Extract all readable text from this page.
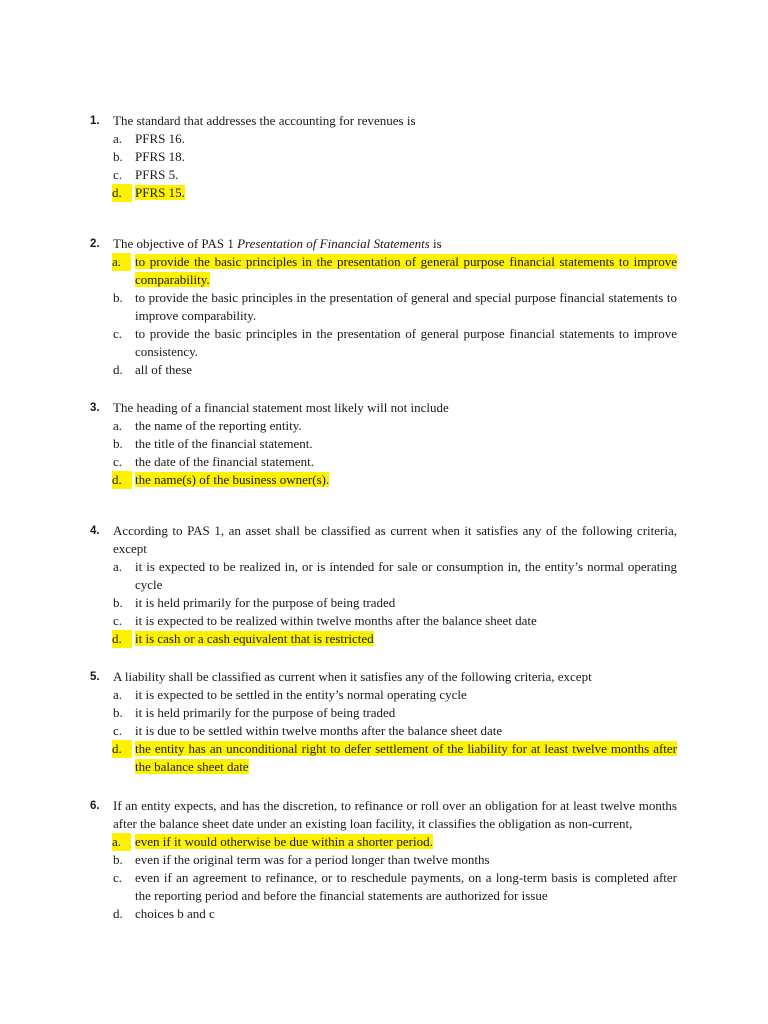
1. The standard that addresses the accounting for revenues is
a. PFRS 16.
b. PFRS 18.
c. PFRS 5.
d.	PFRS 15.
2. The objective of PAS 1 Presentation of Financial Statements is
a.	to provide the basic principles in the presentation of general purpose financial statements to improve comparability.
b. to provide the basic principles in the presentation of general and special purpose financial statements to improve comparability.
c. to provide the basic principles in the presentation of general purpose financial statements to improve consistency.
d. all of these
3. The heading of a financial statement most likely will not include
a. the name of the reporting entity.
b. the title of the financial statement.
c. the date of the financial statement.
d.	the name(s) of the business owner(s).
4. According to PAS 1, an asset shall be classified as current when it satisfies any of the following criteria, except
a. it is expected to be realized in, or is intended for sale or consumption in, the entity’s normal operating cycle
b. it is held primarily for the purpose of being traded
c. it is expected to be realized within twelve months after the balance sheet date
d.	it is cash or a cash equivalent that is restricted
5. A liability shall be classified as current when it satisfies any of the following criteria, except
a. it is expected to be settled in the entity’s normal operating cycle
b. it is held primarily for the purpose of being traded
c. it is due to be settled within twelve months after the balance sheet date
d.	the entity has an unconditional right to defer settlement of the liability for at least twelve months after the balance sheet date
6. If an entity expects, and has the discretion, to refinance or roll over an obligation for at least twelve months after the balance sheet date under an existing loan facility, it classifies the obligation as non-current,
a.	even if it would otherwise be due within a shorter period.
b. even if the original term was for a period longer than twelve months
c. even if an agreement to refinance, or to reschedule payments, on a long-term basis is completed after the reporting period and before the financial statements are authorized for issue
d. choices b and c
